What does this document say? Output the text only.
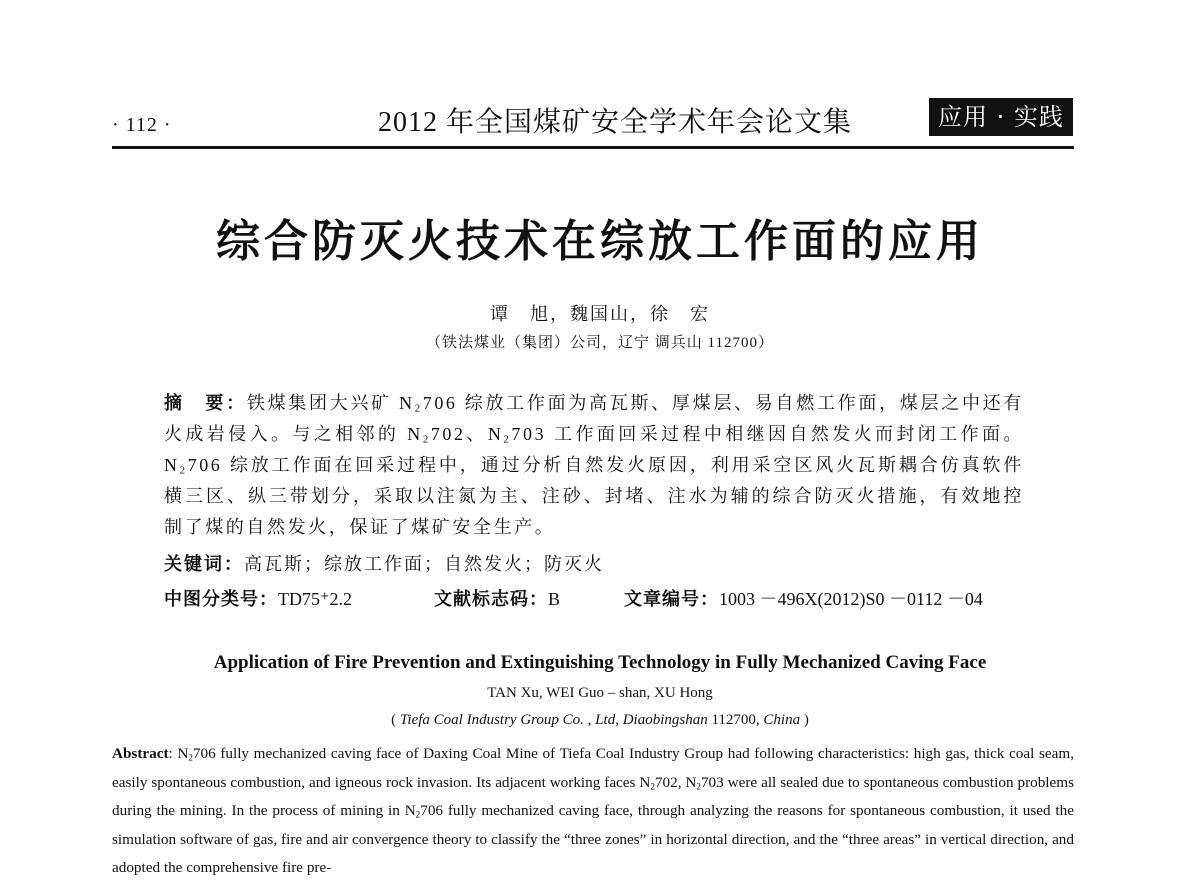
· 112 ·	2012 年全国煤矿安全学术年会论文集	应用 · 实践
综合防灭火技术在综放工作面的应用
谭　旭，魏国山，徐　宏
（铁法煤业（集团）公司，辽宁 调兵山 112700）
摘　要：铁煤集团大兴矿 $N_2706$ 综放工作面为高瓦斯、厚煤层、易自燃工作面，煤层之中还有火成岩侵入。与之相邻的 $N_2702$、$N_2703$ 工作面回采过程中相继因自然发火而封闭工作面。$N_2706$ 综放工作面在回采过程中，通过分析自然发火原因，利用采空区风火瓦斯耦合仿真软件横三区、纵三带划分，采取以注氮为主、注砂、封堵、注水为辅的综合防灭火措施，有效地控制了煤的自然发火，保证了煤矿安全生产。
关键词：高瓦斯；综放工作面；自然发火；防灭火
中图分类号：TD75⁺2.2	文献标志码：B	文章编号：1003 －496X(2012)S0 －0112 －04
Application of Fire Prevention and Extinguishing Technology in Fully Mechanized Caving Face
TAN Xu, WEI Guo – shan, XU Hong
( Tiefa Coal Industry Group Co. , Ltd, Diaobingshan 112700, China )
Abstract: $N_2706$ fully mechanized caving face of Daxing Coal Mine of Tiefa Coal Industry Group had following characteristics: high gas, thick coal seam, easily spontaneous combustion, and igneous rock invasion. Its adjacent working faces $N_2702$, $N_2703$ were all sealed due to spontaneous combustion problems during the mining. In the process of mining in $N_2706$ fully mechanized caving face, through analyzing the reasons for spontaneous combustion, it used the simulation software of gas, fire and air convergence theory to classify the “three zones” in horizontal direction, and the “three areas” in vertical direction, and adopted the comprehensive fire pre-
